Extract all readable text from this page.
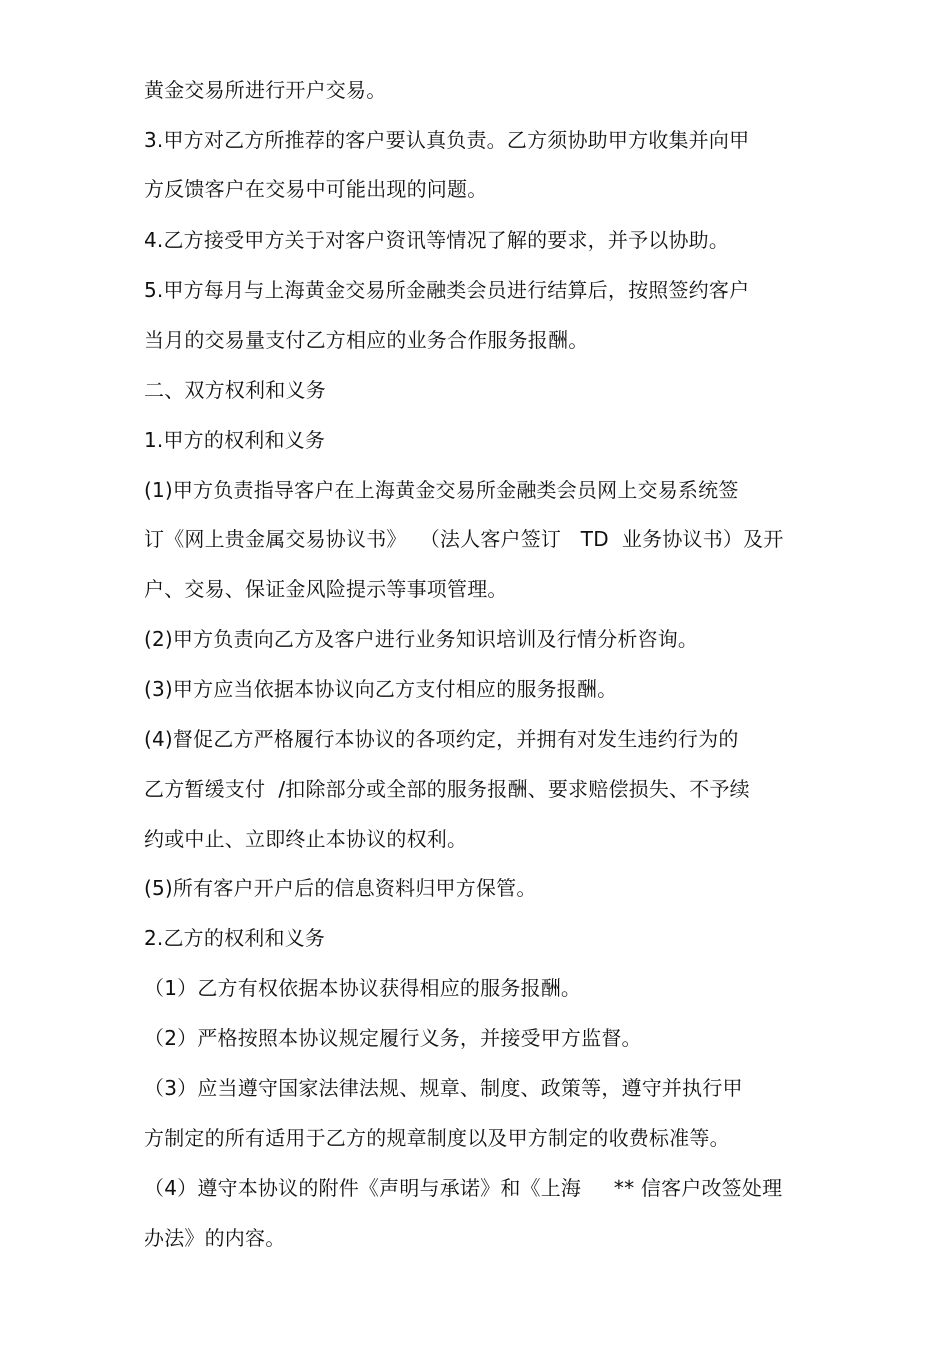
黄金交易所进行开户交易。
3.甲方对乙方所推荐的客户要认真负责。乙方须协助甲方收集并向甲
方反馈客户在交易中可能出现的问题。
4.乙方接受甲方关于对客户资讯等情况了解的要求，并予以协助。
5.甲方每月与上海黄金交易所金融类会员进行结算后，按照签约客户
当月的交易量支付乙方相应的业务合作服务报酬。
二、双方权利和义务
1.甲方的权利和义务
(1)甲方负责指导客户在上海黄金交易所金融类会员网上交易系统签
订《网上贵金属交易协议书》  （法人客户签订   TD  业务协议书）及开
户、交易、保证金风险提示等事项管理。
(2)甲方负责向乙方及客户进行业务知识培训及行情分析咨询。
(3)甲方应当依据本协议向乙方支付相应的服务报酬。
(4)督促乙方严格履行本协议的各项约定，并拥有对发生违约行为的
乙方暂缓支付  /扣除部分或全部的服务报酬、要求赔偿损失、不予续
约或中止、立即终止本协议的权利。
(5)所有客户开户后的信息资料归甲方保管。
2.乙方的权利和义务
（1）乙方有权依据本协议获得相应的服务报酬。
（2）严格按照本协议规定履行义务，并接受甲方监督。
（3）应当遵守国家法律法规、规章、制度、政策等，遵守并执行甲
方制定的所有适用于乙方的规章制度以及甲方制定的收费标准等。
（4）遵守本协议的附件《声明与承诺》和《上海     ** 信客户改签处理
办法》的内容。
